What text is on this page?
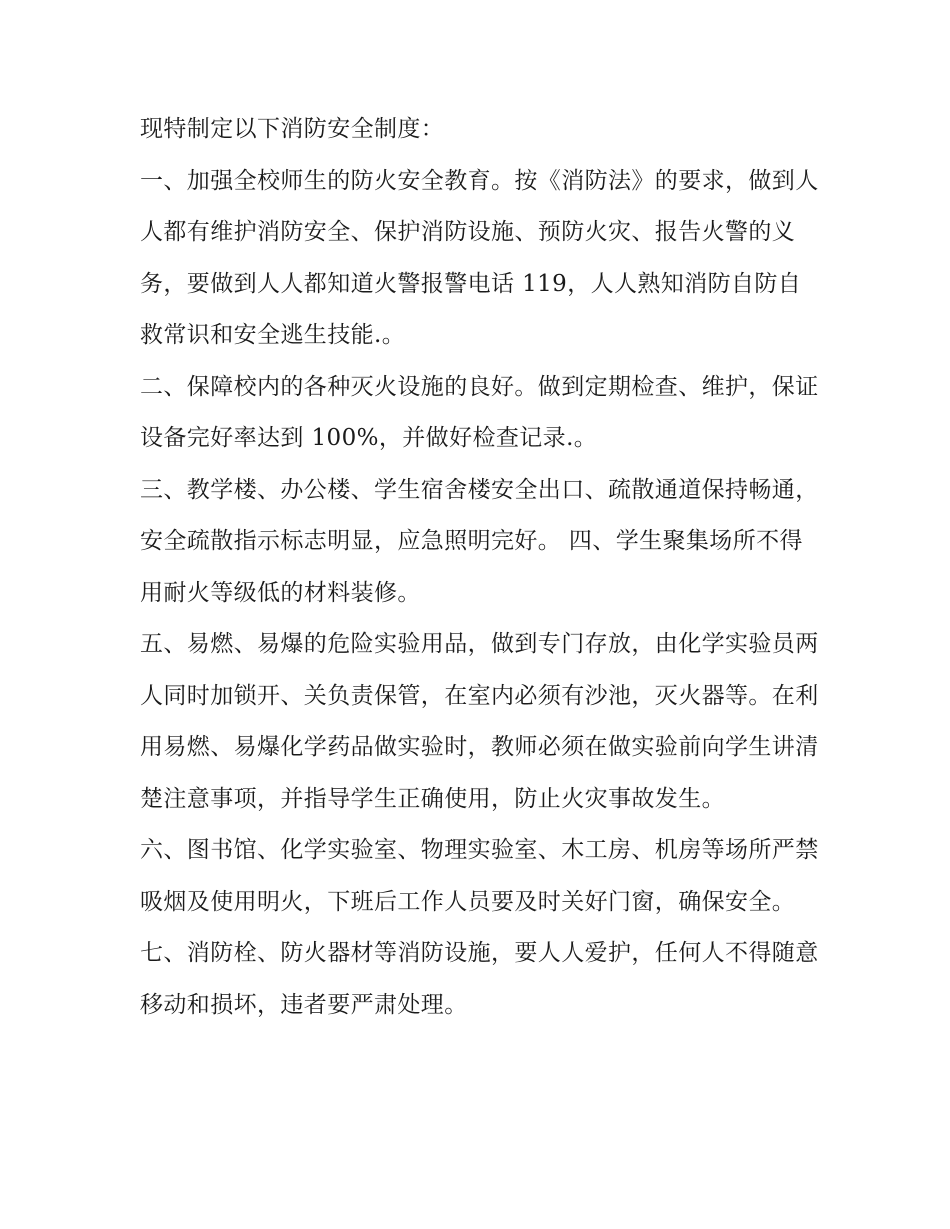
现特制定以下消防安全制度：

一、加强全校师生的防火安全教育。按《消防法》的要求，做到人人都有维护消防安全、保护消防设施、预防火灾、报告火警的义务，要做到人人都知道火警报警电话 119，人人熟知消防自防自救常识和安全逃生技能.。

二、保障校内的各种灭火设施的良好。做到定期检查、维护，保证设备完好率达到 100%，并做好检查记录.。

三、教学楼、办公楼、学生宿舍楼安全出口、疏散通道保持畅通，安全疏散指示标志明显，应急照明完好。 四、学生聚集场所不得用耐火等级低的材料装修。

五、易燃、易爆的危险实验用品，做到专门存放，由化学实验员两人同时加锁开、关负责保管，在室内必须有沙池，灭火器等。在利用易燃、易爆化学药品做实验时，教师必须在做实验前向学生讲清楚注意事项，并指导学生正确使用，防止火灾事故发生。

六、图书馆、化学实验室、物理实验室、木工房、机房等场所严禁吸烟及使用明火，下班后工作人员要及时关好门窗，确保安全。

七、消防栓、防火器材等消防设施，要人人爱护，任何人不得随意移动和损坏，违者要严肃处理。
